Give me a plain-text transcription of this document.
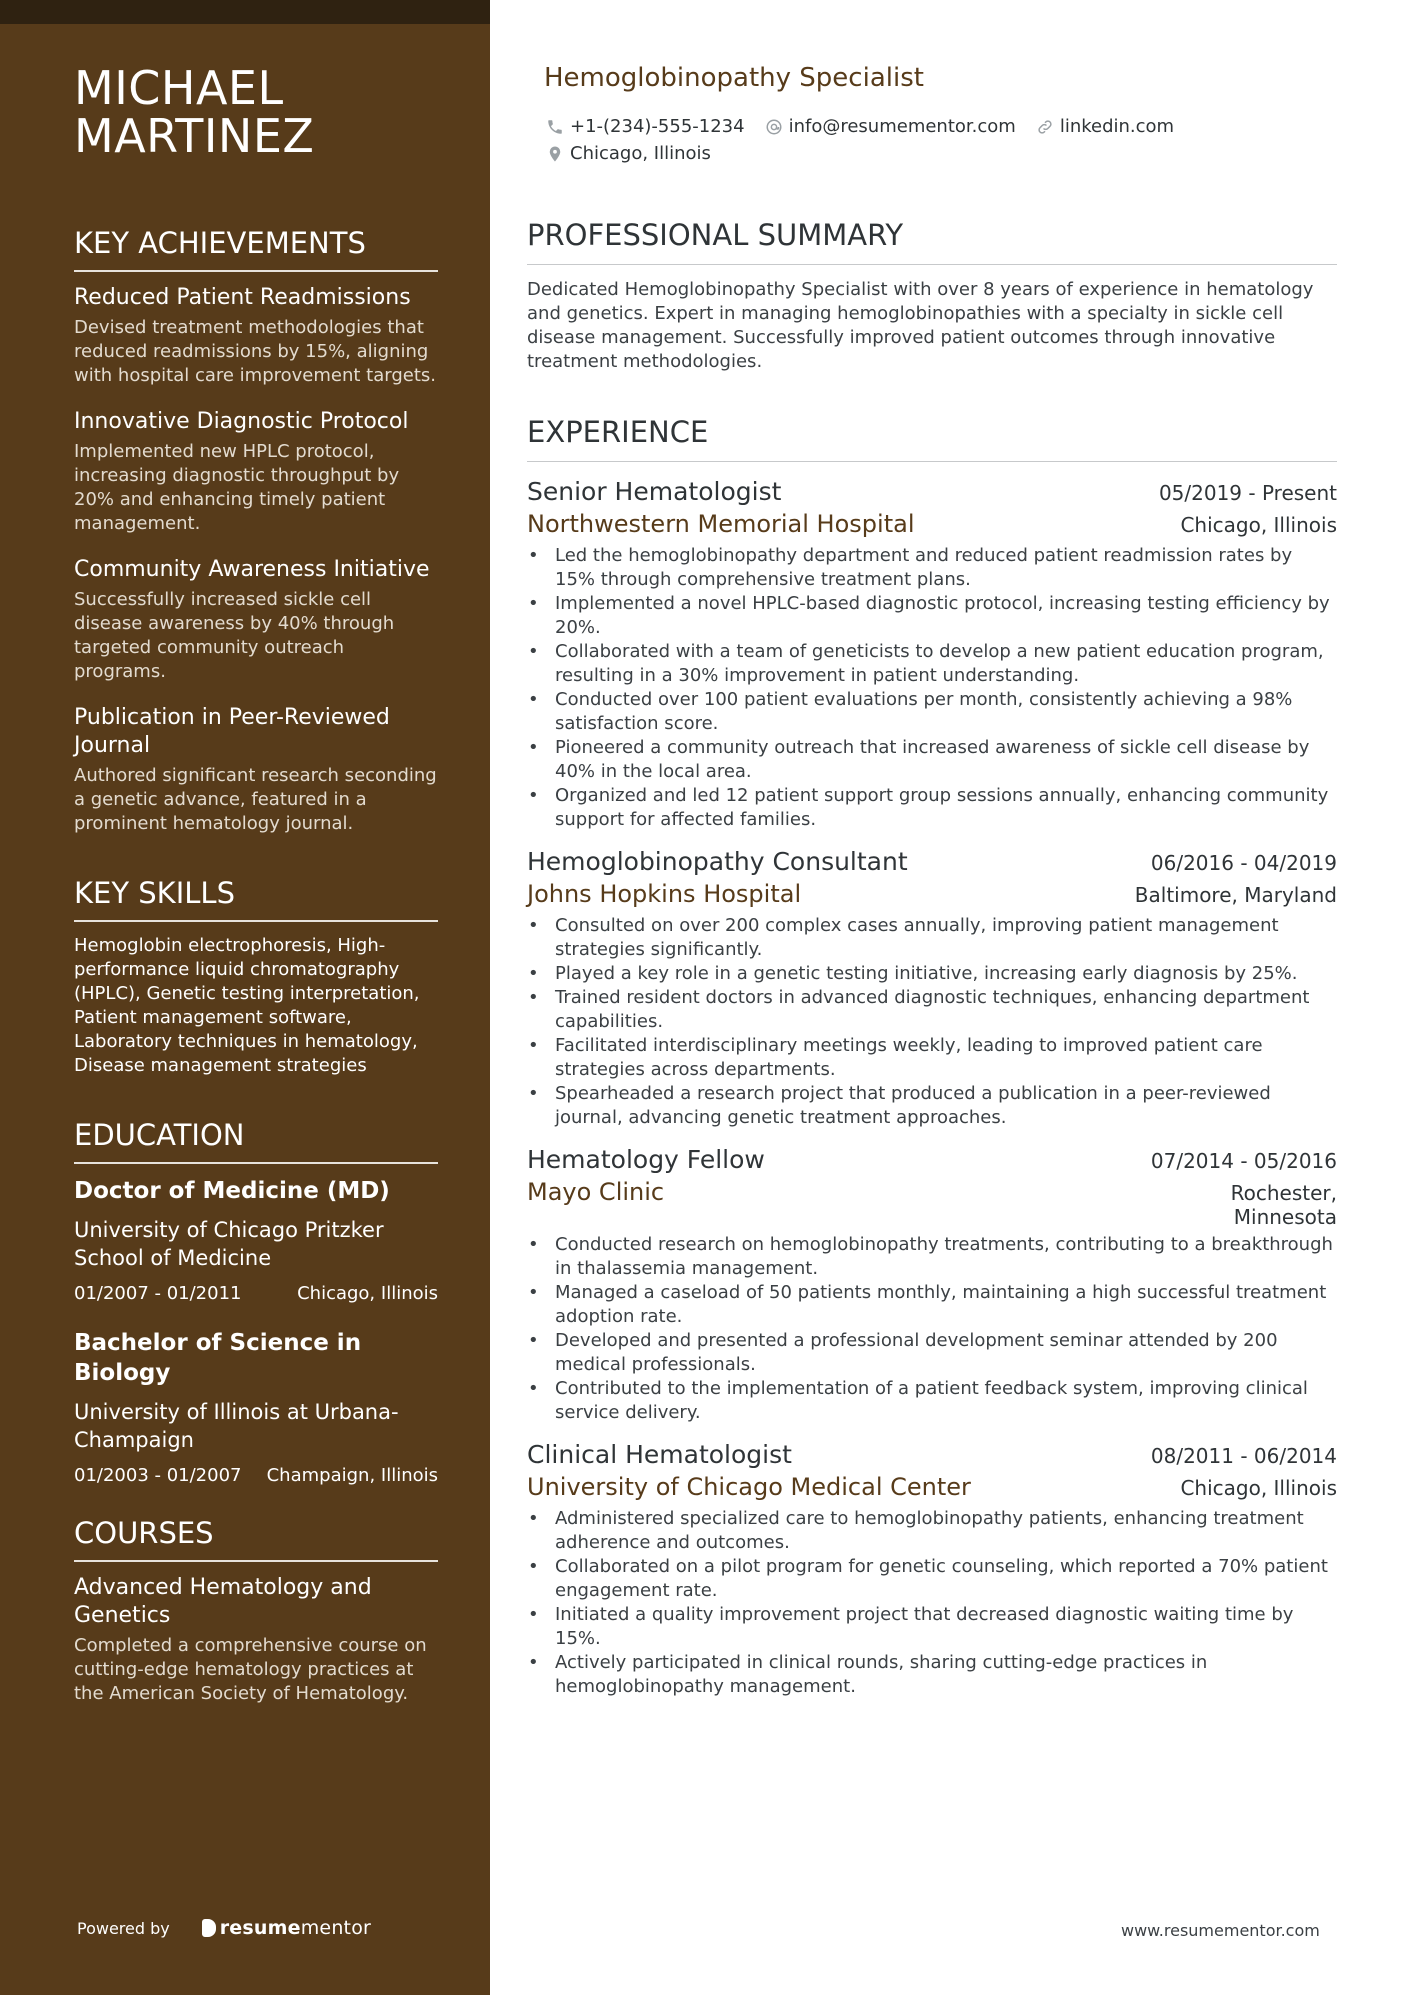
MICHAEL
MARTINEZ
KEY ACHIEVEMENTS
Reduced Patient Readmissions
Devised treatment methodologies that reduced readmissions by 15%, aligning with hospital care improvement targets.
Innovative Diagnostic Protocol
Implemented new HPLC protocol, increasing diagnostic throughput by 20% and enhancing timely patient management.
Community Awareness Initiative
Successfully increased sickle cell disease awareness by 40% through targeted community outreach programs.
Publication in Peer-Reviewed Journal
Authored significant research seconding a genetic advance, featured in a prominent hematology journal.
KEY SKILLS

Hemoglobin electrophoresis, High-performance liquid chromatography (HPLC), Genetic testing interpretation, Patient management software, Laboratory techniques in hematology, Disease management strategies

EDUCATION
Doctor of Medicine (MD)
University of Chicago Pritzker School of Medicine
01/2007 - 01/2011	Chicago, Illinois
Bachelor of Science in Biology
University of Illinois at Urbana-Champaign
01/2003 - 01/2007 Champaign, Illinois
COURSES
Advanced Hematology and Genetics
Completed a comprehensive course on cutting-edge hematology practices at the American Society of Hematology.
Powered by	resume mentor
Hemoglobinopathy Specialist
+1-(234)-555-1234 info@resumementor.com linkedin.com
Chicago, Illinois
PROFESSIONAL SUMMARY
Dedicated Hemoglobinopathy Specialist with over 8 years of experience in hematology and genetics. Expert in managing hemoglobinopathies with a specialty in sickle cell disease management. Successfully improved patient outcomes through innovative treatment methodologies.
EXPERIENCE
Senior Hematologist	05/2019 - Present
Northwestern Memorial Hospital	Chicago, Illinois
• Led the hemoglobinopathy department and reduced patient readmission rates by 15% through comprehensive treatment plans.
• Implemented a novel HPLC-based diagnostic protocol, increasing testing efficiency by 20%.
• Collaborated with a team of geneticists to develop a new patient education program, resulting in a 30% improvement in patient understanding.
• Conducted over 100 patient evaluations per month, consistently achieving a 98% satisfaction score.
• Pioneered a community outreach that increased awareness of sickle cell disease by 40% in the local area.
• Organized and led 12 patient support group sessions annually, enhancing community support for affected families.
Hemoglobinopathy Consultant	06/2016 - 04/2019
Johns Hopkins Hospital	Baltimore, Maryland
• Consulted on over 200 complex cases annually, improving patient management strategies significantly.
• Played a key role in a genetic testing initiative, increasing early diagnosis by 25%.
• Trained resident doctors in advanced diagnostic techniques, enhancing department capabilities.
• Facilitated interdisciplinary meetings weekly, leading to improved patient care strategies across departments.
• Spearheaded a research project that produced a publication in a peer-reviewed journal, advancing genetic treatment approaches.
Hematology Fellow	07/2014 - 05/2016
Mayo Clinic	Rochester, Minnesota
• Conducted research on hemoglobinopathy treatments, contributing to a breakthrough in thalassemia management.
• Managed a caseload of 50 patients monthly, maintaining a high successful treatment adoption rate.
• Developed and presented a professional development seminar attended by 200 medical professionals.
• Contributed to the implementation of a patient feedback system, improving clinical service delivery.
Clinical Hematologist	08/2011 - 06/2014
University of Chicago Medical Center	Chicago, Illinois
• Administered specialized care to hemoglobinopathy patients, enhancing treatment adherence and outcomes.
• Collaborated on a pilot program for genetic counseling, which reported a 70% patient engagement rate.
• Initiated a quality improvement project that decreased diagnostic waiting time by 15%.
• Actively participated in clinical rounds, sharing cutting-edge practices in hemoglobinopathy management.
www.resumementor.com
